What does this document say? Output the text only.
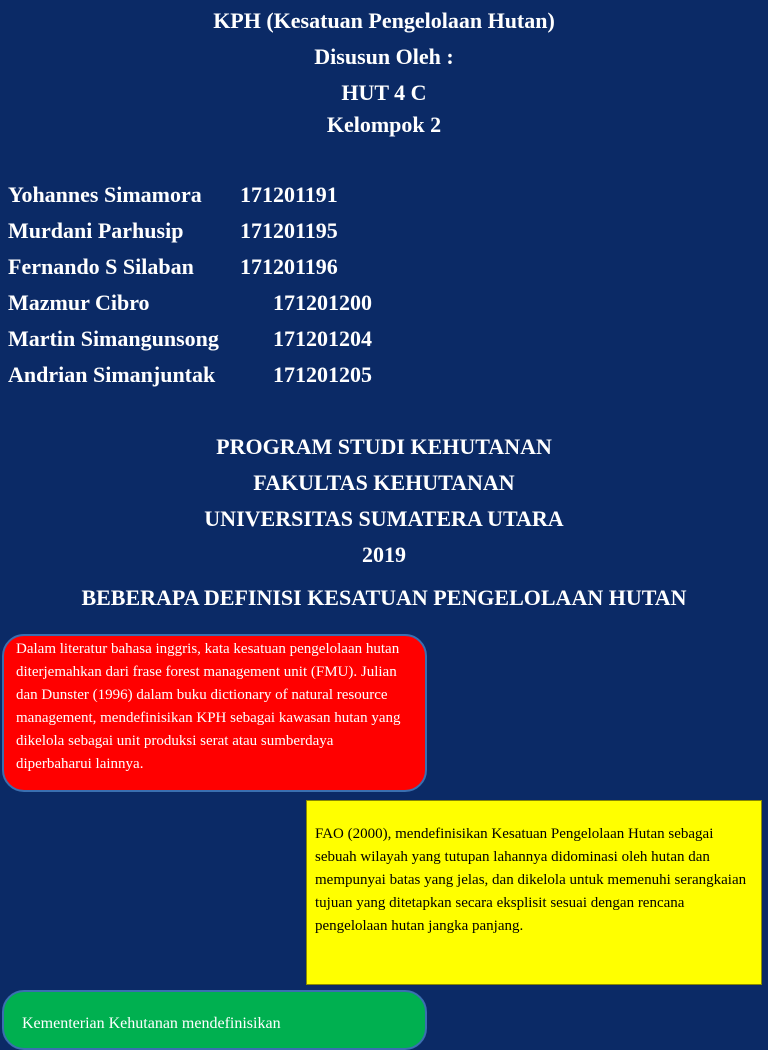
KPH (Kesatuan Pengelolaan Hutan)
Disusun Oleh :
HUT 4 C
Kelompok 2
Yohannes Simamora 171201191
Murdani Parhusip	171201195
Fernando S Silaban 171201196
Mazmur Cibro	171201200
Martin Simangunsong 171201204
Andrian Simanjuntak	171201205
PROGRAM STUDI KEHUTANAN
FAKULTAS KEHUTANAN
UNIVERSITAS SUMATERA UTARA
2019
BEBERAPA DEFINISI KESATUAN PENGELOLAAN HUTAN
Dalam literatur bahasa inggris, kata kesatuan pengelolaan hutan diterjemahkan dari frase forest management unit (FMU). Julian dan Dunster (1996) dalam buku dictionary of natural resource management, mendefinisikan KPH sebagai kawasan hutan yang dikelola sebagai unit produksi serat atau sumberdaya diperbaharui lainnya.
FAO (2000), mendefinisikan Kesatuan Pengelolaan Hutan sebagai sebuah wilayah yang tutupan lahannya didominasi oleh hutan dan mempunyai batas yang jelas, dan dikelola untuk memenuhi serangkaian tujuan yang ditetapkan secara eksplisit sesuai dengan rencana pengelolaan hutan jangka panjang.
Kementerian Kehutanan mendefinisikan
